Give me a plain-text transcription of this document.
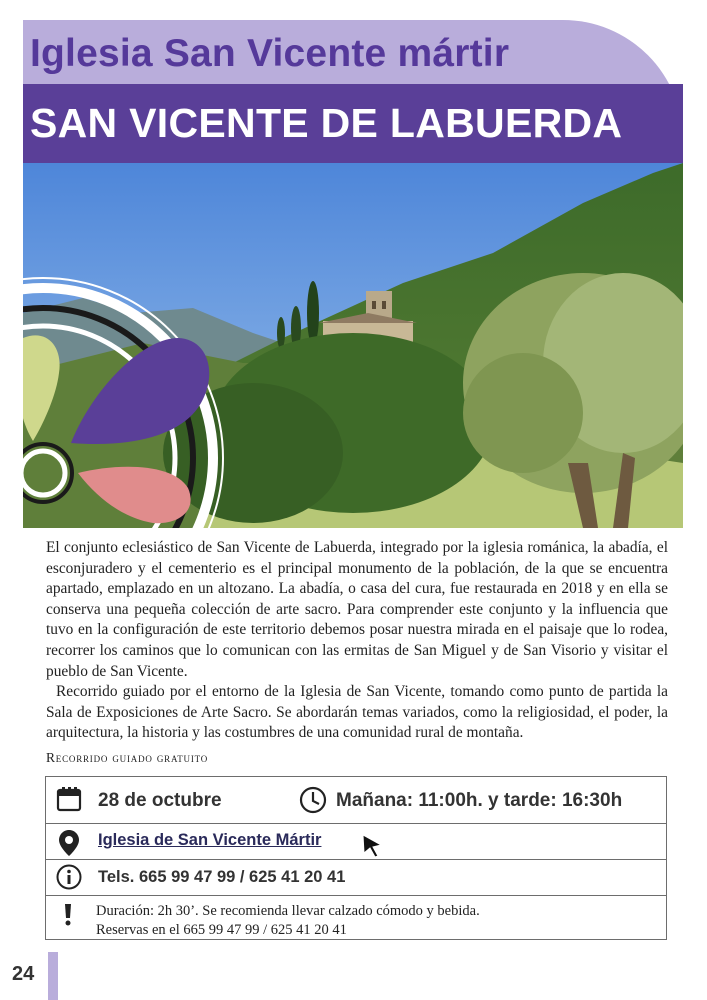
Iglesia San Vicente mártir
SAN VICENTE DE LABUERDA

El conjunto eclesiástico de San Vicente de Labuerda, integrado por la iglesia románica, la abadía, el esconjuradero y el cementerio es el principal monumento de la población, de la que se encuentra apartado, emplazado en un altozano. La abadía, o casa del cura, fue restaurada en 2018 y en ella se conserva una pequeña colección de arte sacro. Para comprender este conjunto y la influencia que tuvo en la configuración de este territorio debemos posar nuestra mirada en el paisaje que lo rodea, recorrer los caminos que lo comunican con las ermitas de San Miguel y de San Visorio y visitar el pueblo de San Vicente.

Recorrido guiado por el entorno de la Iglesia de San Vicente, tomando como punto de partida la Sala de Exposiciones de Arte Sacro. Se abordarán temas variados, como la religiosidad, el poder, la arquitectura, la historia y las costumbres de una comunidad rural de montaña.

Recorrido guiado gratuito
28 de octubre	Mañana: 11:00h. y tarde: 16:30h
Iglesia de San Vicente Mártir
Tels. 665 99 47 99 / 625 41 20 41
Duración: 2h 30’. Se recomienda llevar calzado cómodo y bebida.
Reservas en el 665 99 47 99 / 625 41 20 41
24
